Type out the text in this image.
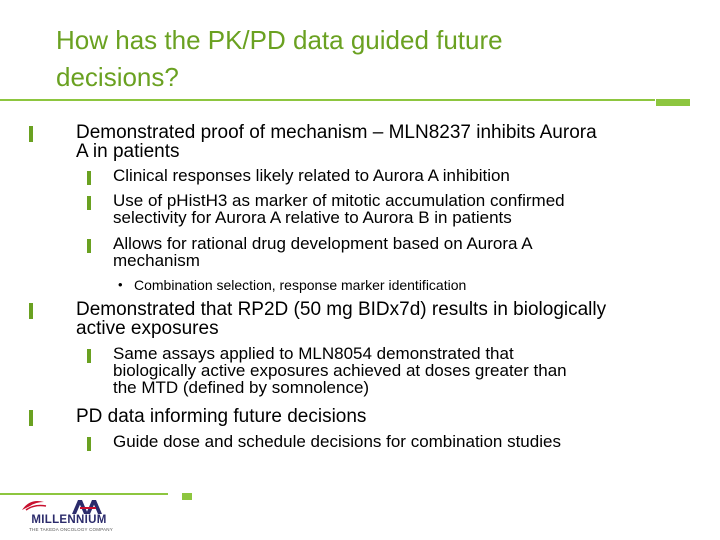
How has the PK/PD data guided future
decisions?
Demonstrated proof of mechanism – MLN8237 inhibits Aurora
A in patients
Clinical responses likely related to Aurora A inhibition
Use of pHistH3 as marker of mitotic accumulation confirmed
selectivity for Aurora A relative to Aurora B in patients
Allows for rational drug development based on Aurora A
mechanism
• Combination selection, response marker identification
Demonstrated that RP2D (50 mg BIDx7d) results in biologically
active exposures
Same assays applied to MLN8054 demonstrated that
biologically active exposures achieved at doses greater than
the MTD (defined by somnolence)
PD data informing future decisions
Guide dose and schedule decisions for combination studies
MILLENNIUM
THE TAKEDA ONCOLOGY COMPANY
